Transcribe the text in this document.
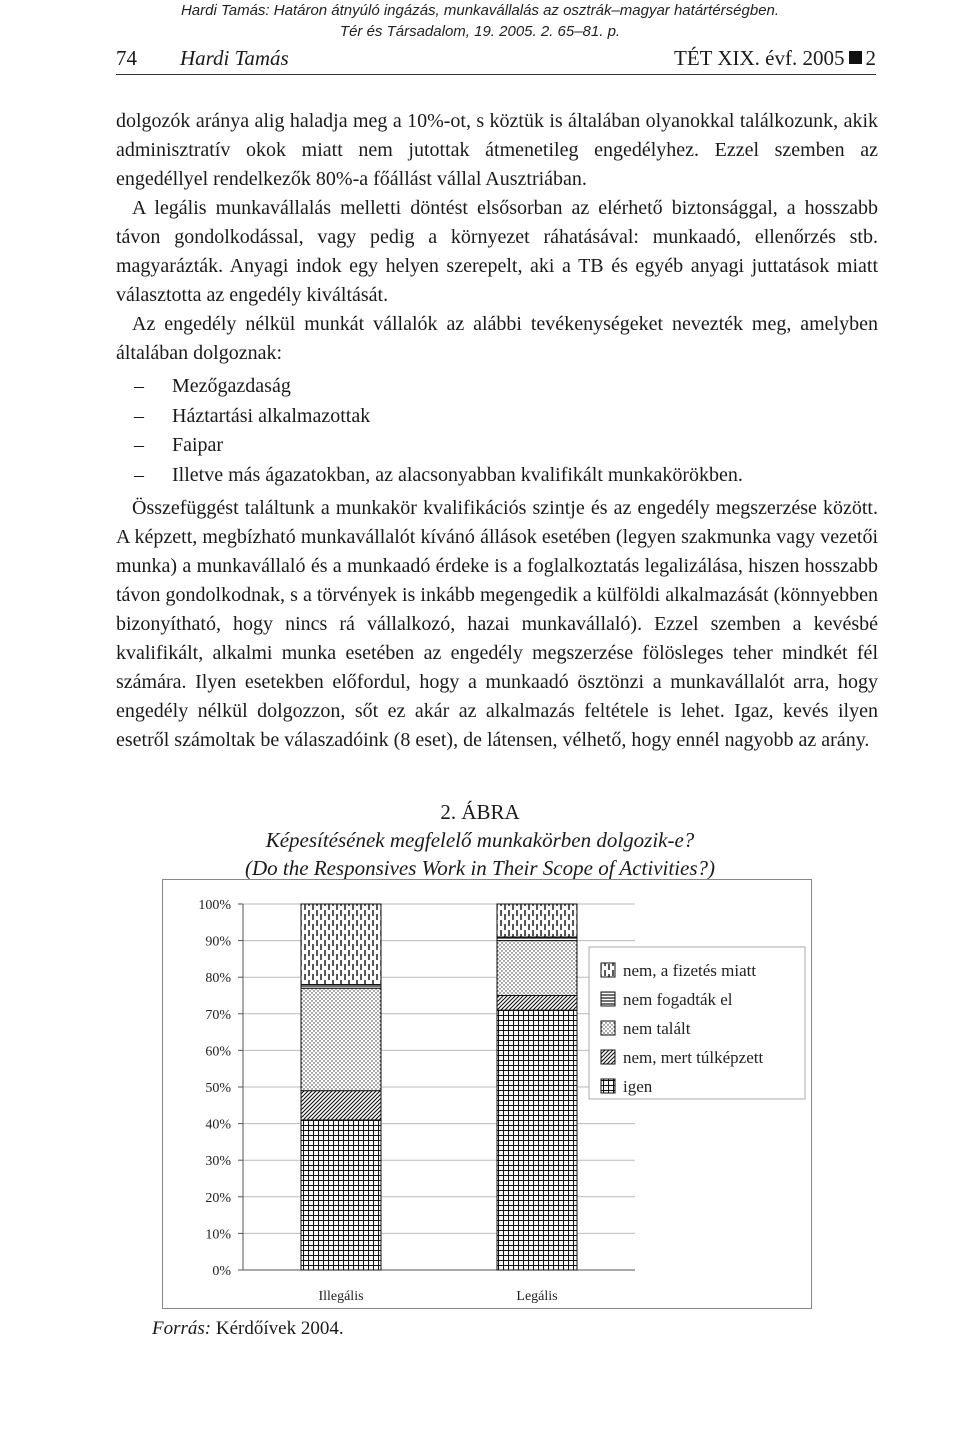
Hardi Tamás: Határon átnyúló ingázás, munkavállalás az osztrák–magyar határtérségben.
Tér és Társadalom, 19. 2005. 2. 65–81. p.
74 Hardi Tamás	TÉT XIX. évf. 2005 2

dolgozók aránya alig haladja meg a 10%-ot, s köztük is általában olyanokkal találkozunk, akik adminisztratív okok miatt nem jutottak átmenetileg engedélyhez. Ezzel szemben az engedéllyel rendelkezők 80%-a főállást vállal Ausztriában.

A legális munkavállalás melletti döntést elsősorban az elérhető biztonsággal, a hosszabb távon gondolkodással, vagy pedig a környezet ráhatásával: munkaadó, ellenőrzés stb. magyarázták. Anyagi indok egy helyen szerepelt, aki a TB és egyéb anyagi juttatások miatt választotta az engedély kiváltását.

Az engedély nélkül munkát vállalók az alábbi tevékenységeket nevezték meg, amelyben általában dolgoznak:

– Mezőgazdaság
– Háztartási alkalmazottak
– Faipar
– Illetve más ágazatokban, az alacsonyabban kvalifikált munkakörökben.

Összefüggést találtunk a munkakör kvalifikációs szintje és az engedély megszerzése között. A képzett, megbízható munkavállalót kívánó állások esetében (legyen szakmunka vagy vezetői munka) a munkavállaló és a munkaadó érdeke is a foglalkoztatás legalizálása, hiszen hosszabb távon gondolkodnak, s a törvények is inkább megengedik a külföldi alkalmazását (könnyebben bizonyítható, hogy nincs rá vállalkozó, hazai munkavállaló). Ezzel szemben a kevésbé kvalifikált, alkalmi munka esetében az engedély megszerzése fölösleges teher mindkét fél számára. Ilyen esetekben előfordul, hogy a munkaadó ösztönzi a munkavállalót arra, hogy engedély nélkül dolgozzon, sőt ez akár az alkalmazás feltétele is lehet. Igaz, kevés ilyen esetről számoltak be válaszadóink (8 eset), de látensen, vélhető, hogy ennél nagyobb az arány.

2. ÁBRA
Képesítésének megfelelő munkakörben dolgozik-e?
(Do the Responsives Work in Their Scope of Activities?)
0%
10%
20%
30%
40%
50%
60%
70%
80%
90%
100%
Illegális	Legális
nem, a fizetés miatt
nem fogadták el
nem talált
nem, mert túlképzett
igen
Forrás: Kérdőívek 2004.
